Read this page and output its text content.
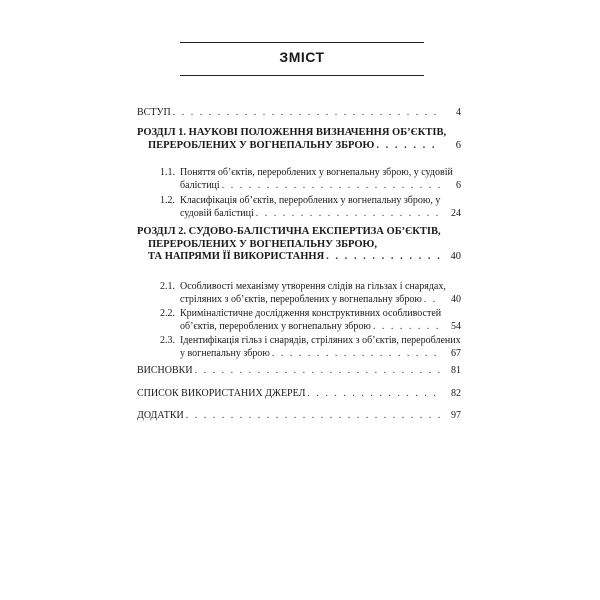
ЗМІСТ
ВСТУП . . .	4
РОЗДІЛ 1. НАУКОВІ ПОЛОЖЕННЯ ВИЗНАЧЕННЯ ОБ’ЄКТІВ,
ПЕРЕРОБЛЕНИХ У ВОГНЕПАЛЬНУ ЗБРОЮ . . .	6
1.1. Поняття об’єктів, перероблених у вогнепальну зброю, у судовій
балістиці . . .	6
1.2. Класифікація об’єктів, перероблених у вогнепальну зброю, у
судовій балістиці . . .	24
РОЗДІЛ 2. СУДОВО-БАЛІСТИЧНА ЕКСПЕРТИЗА ОБ’ЄКТІВ,
ПЕРЕРОБЛЕНИХ У ВОГНЕПАЛЬНУ ЗБРОЮ,
ТА НАПРЯМИ ЇЇ ВИКОРИСТАННЯ . . .	40
2.1. Особливості механізму утворення слідів на гільзах і снарядах,
стріляних з об’єктів, перероблених у вогнепальну зброю . . .	40
2.2. Криміналістичне дослідження конструктивних особливостей
об’єктів, перероблених у вогнепальну зброю . . .	54
2.3. Ідентифікація гільз і снарядів, стріляних з об’єктів, перероблених
у вогнепальну зброю . . .	67
ВИСНОВКИ . . .	81
СПИСОК ВИКОРИСТАНИХ ДЖЕРЕЛ . . .	82
ДОДАТКИ . . .	97
